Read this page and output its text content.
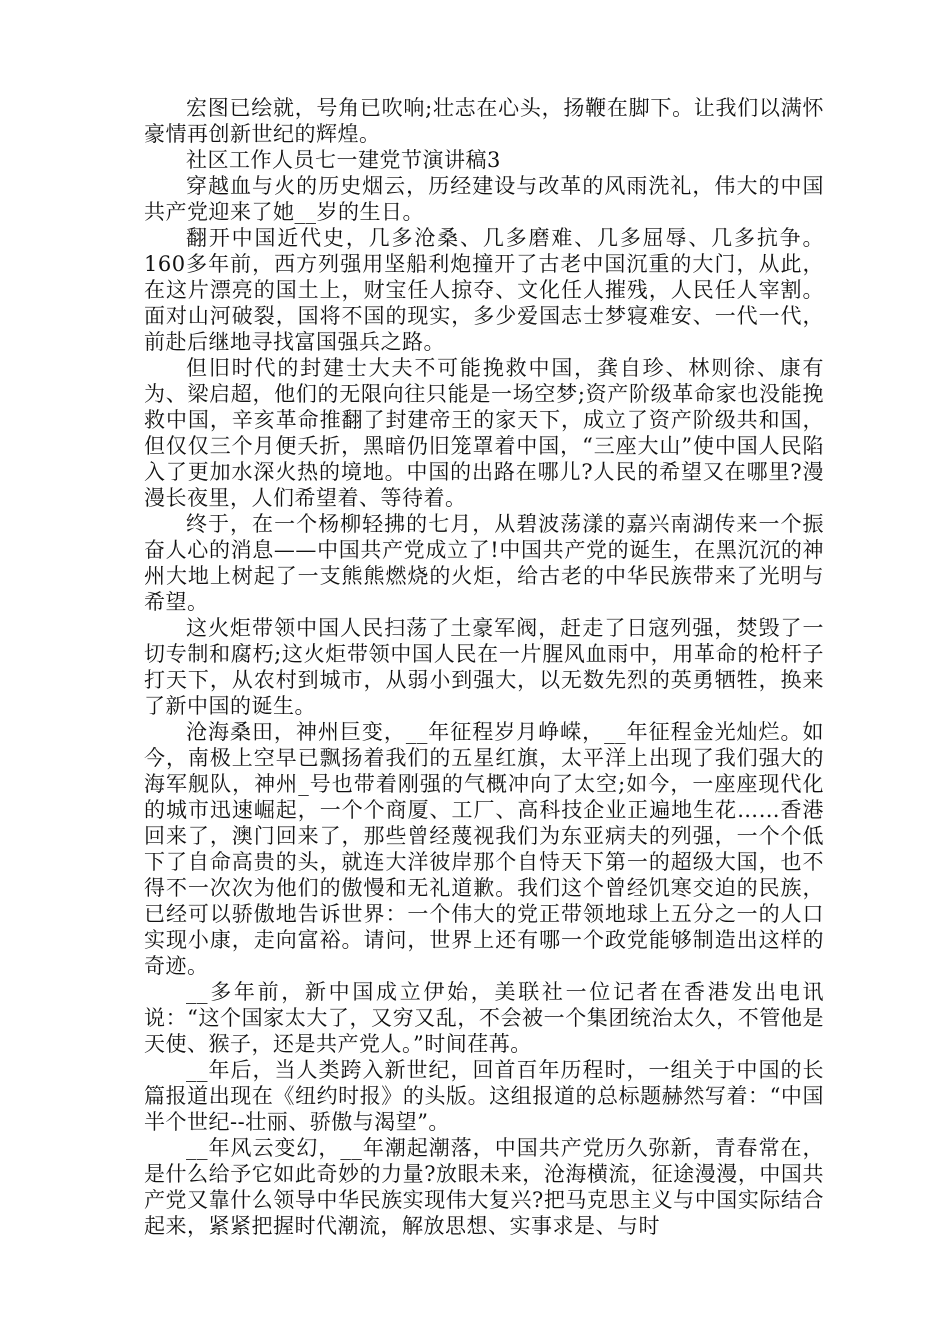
宏图已绘就，号角已吹响;壮志在心头，扬鞭在脚下。让我们以满怀豪情再创新世纪的辉煌。

社区工作人员七一建党节演讲稿3

穿越血与火的历史烟云，历经建设与改革的风雨洗礼，伟大的中国共产党迎来了她__岁的生日。

翻开中国近代史，几多沧桑、几多磨难、几多屈辱、几多抗争。160多年前，西方列强用坚船利炮撞开了古老中国沉重的大门，从此，在这片漂亮的国土上，财宝任人掠夺、文化任人摧残，人民任人宰割。面对山河破裂，国将不国的现实，多少爱国志士梦寝难安、一代一代，前赴后继地寻找富国强兵之路。

但旧时代的封建士大夫不可能挽救中国，龚自珍、林则徐、康有为、梁启超，他们的无限向往只能是一场空梦;资产阶级革命家也没能挽救中国，辛亥革命推翻了封建帝王的家天下，成立了资产阶级共和国，但仅仅三个月便夭折，黑暗仍旧笼罩着中国，“三座大山”使中国人民陷入了更加水深火热的境地。中国的出路在哪儿?人民的希望又在哪里?漫漫长夜里，人们希望着、等待着。

终于，在一个杨柳轻拂的七月，从碧波荡漾的嘉兴南湖传来一个振奋人心的消息——中国共产党成立了!中国共产党的诞生，在黑沉沉的神州大地上树起了一支熊熊燃烧的火炬，给古老的中华民族带来了光明与希望。

这火炬带领中国人民扫荡了土豪军阀，赶走了日寇列强，焚毁了一切专制和腐朽;这火炬带领中国人民在一片腥风血雨中，用革命的枪杆子打天下，从农村到城市，从弱小到强大，以无数先烈的英勇牺牲，换来了新中国的诞生。

沧海桑田，神州巨变，__年征程岁月峥嵘，__年征程金光灿烂。如今，南极上空早已飘扬着我们的五星红旗，太平洋上出现了我们强大的海军舰队，神州_号也带着刚强的气概冲向了太空;如今，一座座现代化的城市迅速崛起，一个个商厦、工厂、高科技企业正遍地生花……香港回来了，澳门回来了，那些曾经蔑视我们为东亚病夫的列强，一个个低下了自命高贵的头，就连大洋彼岸那个自恃天下第一的超级大国，也不得不一次次为他们的傲慢和无礼道歉。我们这个曾经饥寒交迫的民族，已经可以骄傲地告诉世界：一个伟大的党正带领地球上五分之一的人口实现小康，走向富裕。请问，世界上还有哪一个政党能够制造出这样的奇迹。

__多年前，新中国成立伊始，美联社一位记者在香港发出电讯说：“这个国家太大了，又穷又乱，不会被一个集团统治太久，不管他是天使、猴子，还是共产党人。”时间荏苒。

__年后，当人类跨入新世纪，回首百年历程时，一组关于中国的长篇报道出现在《纽约时报》的头版。这组报道的总标题赫然写着：“中国半个世纪--壮丽、骄傲与渴望”。

__年风云变幻，__年潮起潮落，中国共产党历久弥新，青春常在，是什么给予它如此奇妙的力量?放眼未来，沧海横流，征途漫漫，中国共产党又靠什么领导中华民族实现伟大复兴?把马克思主义与中国实际结合起来，紧紧把握时代潮流，解放思想、实事求是、与时
